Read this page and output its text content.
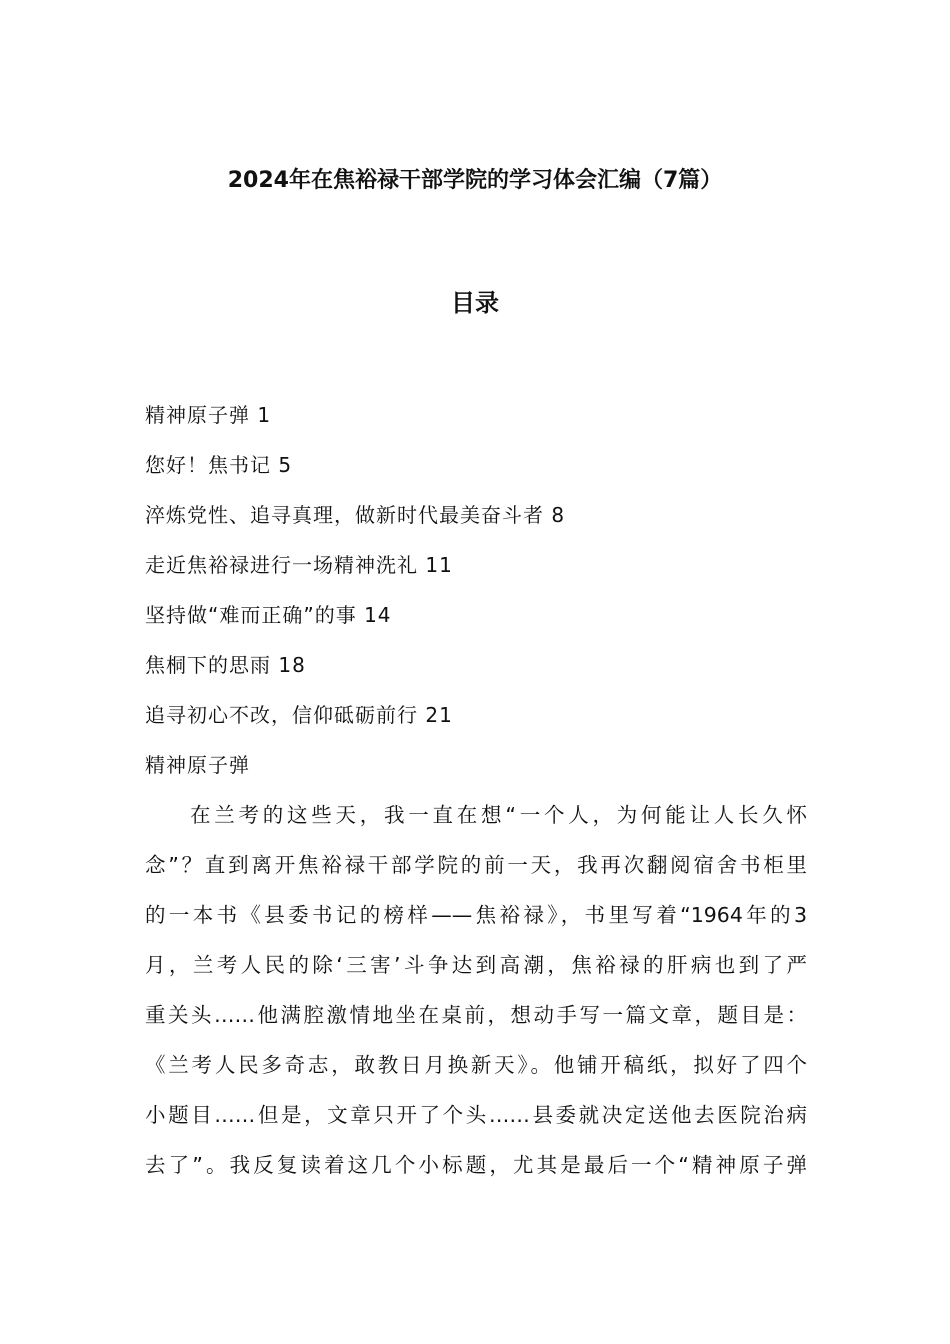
2024年在焦裕禄干部学院的学习体会汇编（7篇）
目录
精神原子弹 1
您好！焦书记 5
淬炼党性、追寻真理，做新时代最美奋斗者 8
走近焦裕禄进行一场精神洗礼 11
坚持做“难而正确”的事 14
焦桐下的思雨 18
追寻初心不改，信仰砥砺前行 21
精神原子弹
在兰考的这些天，我一直在想“一个人，为何能让人长久怀
念”？直到离开焦裕禄干部学院的前一天，我再次翻阅宿舍书柜里
的一本书《县委书记的榜样——焦裕禄》，书里写着“1964年的3
月，兰考人民的除‘三害’斗争达到高潮，焦裕禄的肝病也到了严
重关头……他满腔激情地坐在桌前，想动手写一篇文章，题目是：
《兰考人民多奇志，敢教日月换新天》。他铺开稿纸，拟好了四个
小题目……但是，文章只开了个头……县委就决定送他去医院治病
去了”。我反复读着这几个小标题，尤其是最后一个“精神原子弹
